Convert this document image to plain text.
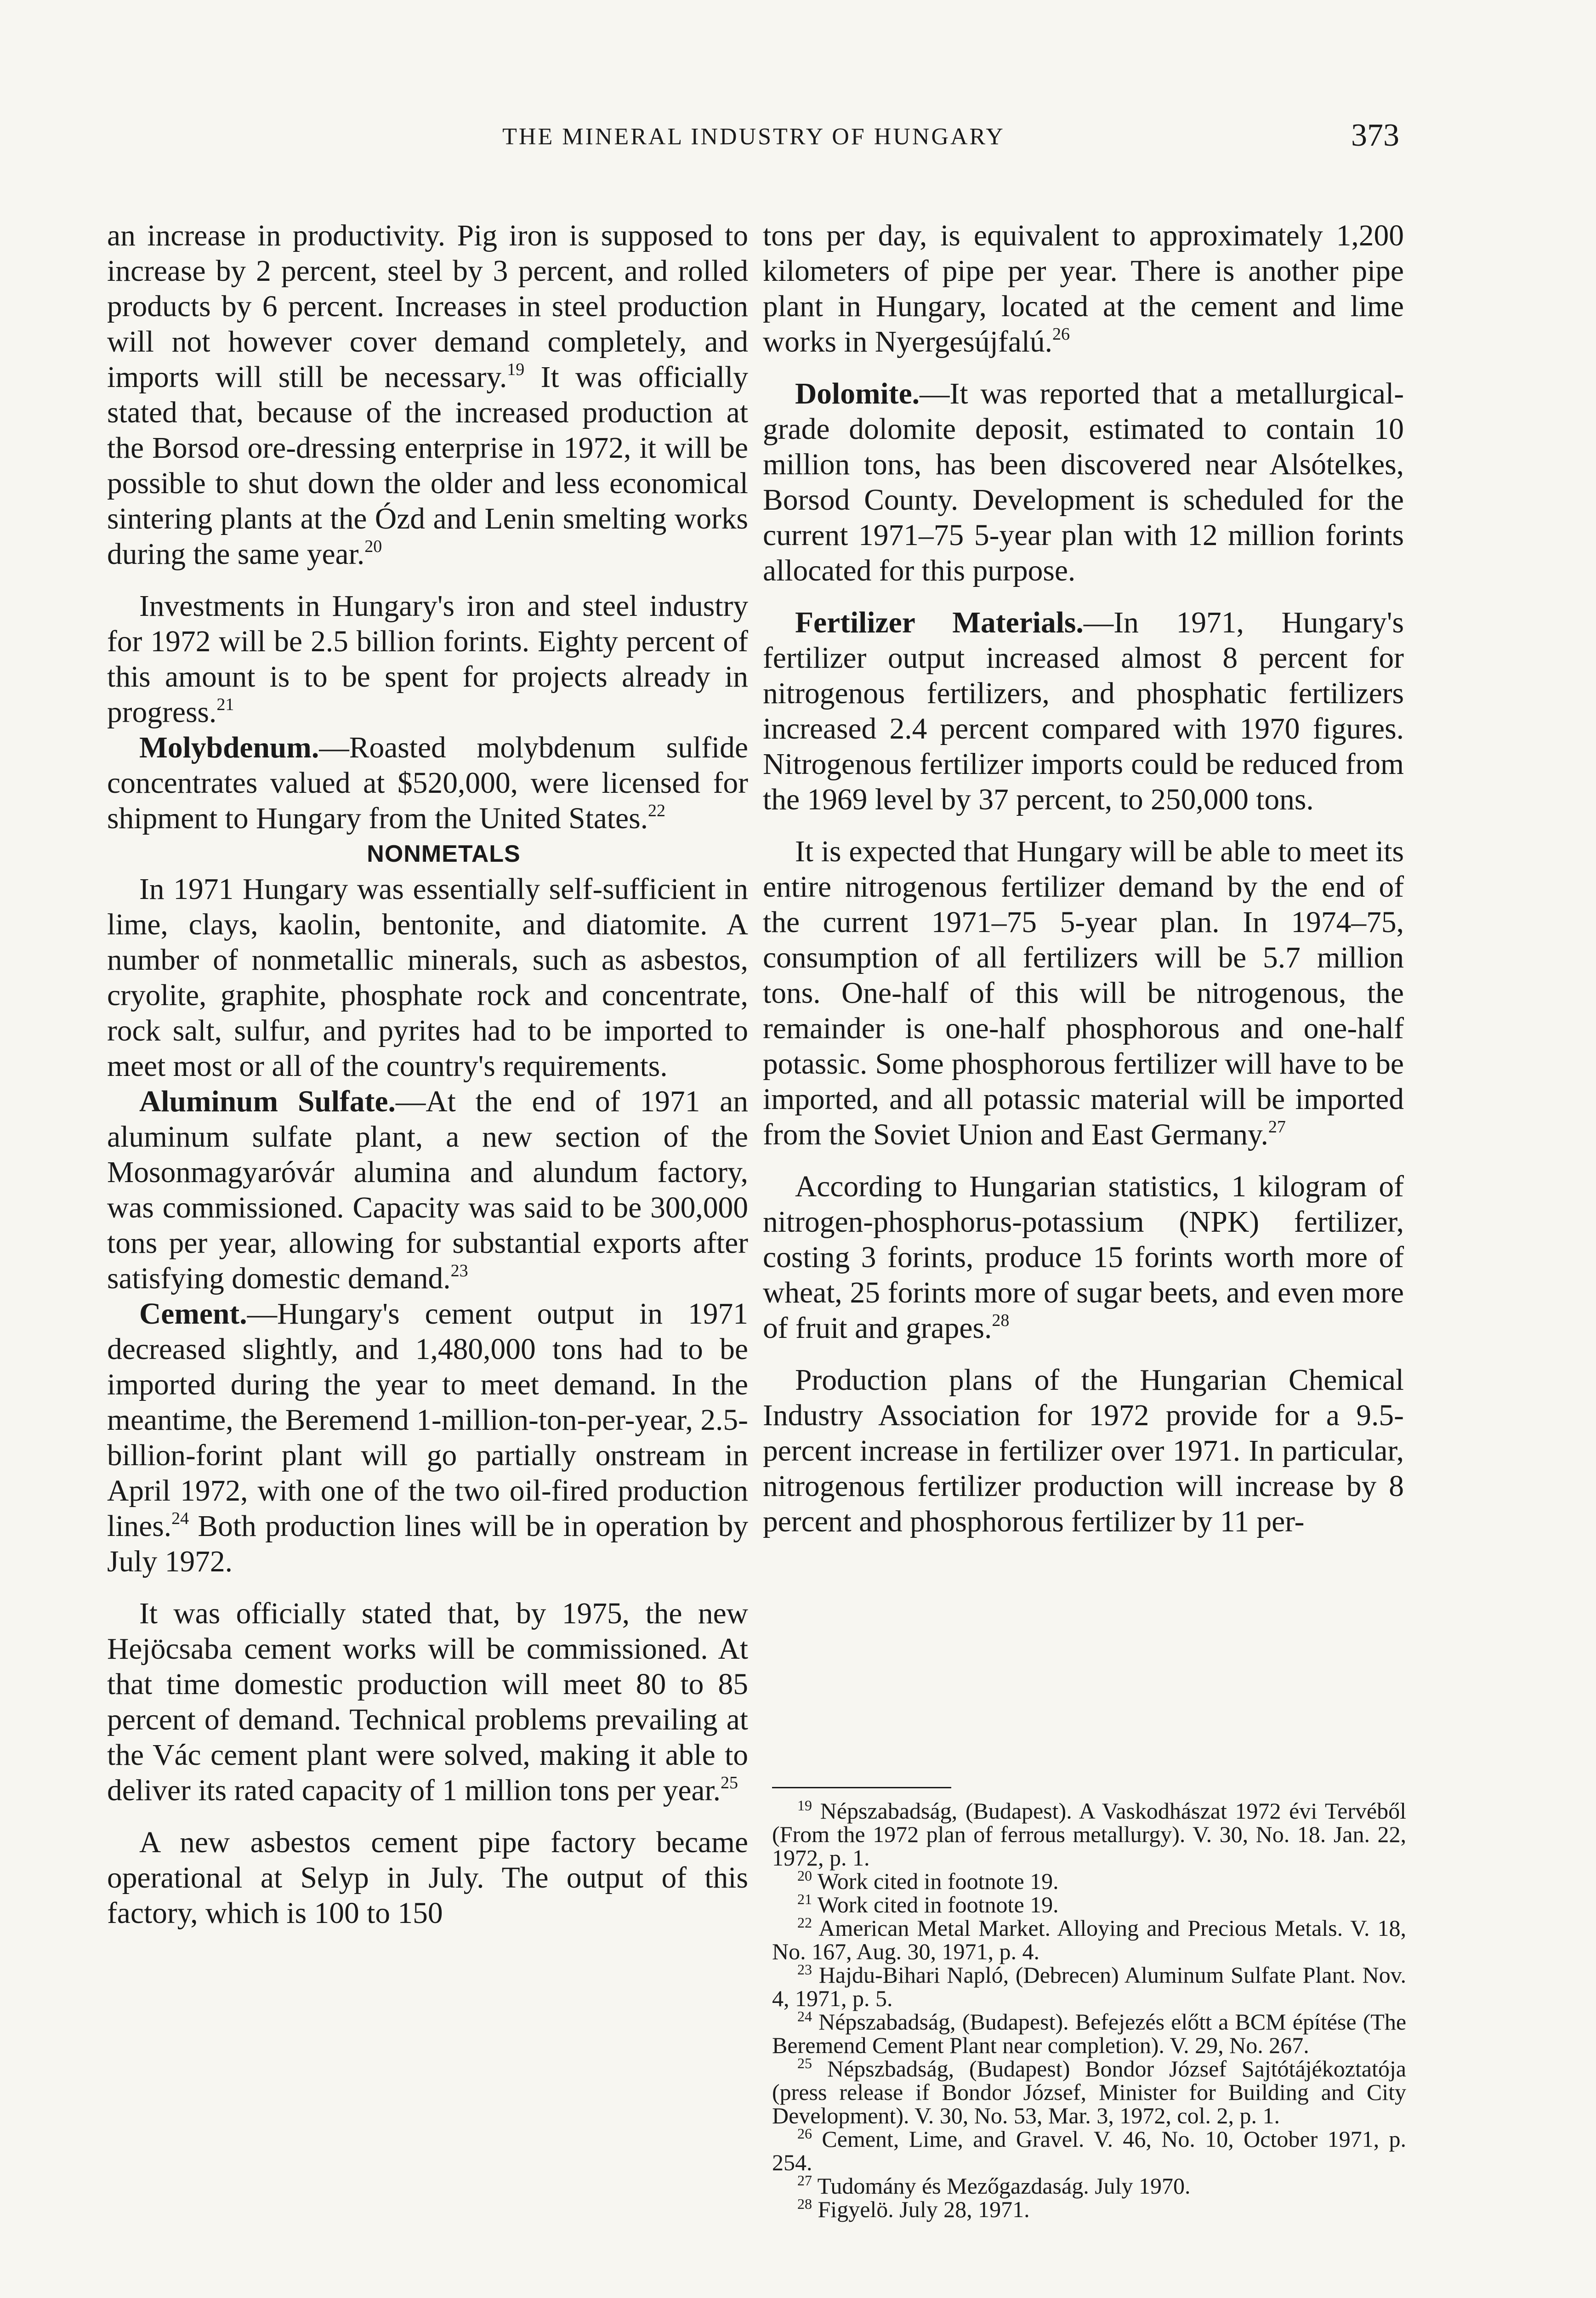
THE MINERAL INDUSTRY OF HUNGARY	373

an increase in productivity. Pig iron is supposed to increase by 2 percent, steel by 3 percent, and rolled products by 6 percent. Increases in steel production will not however cover demand completely, and imports will still be necessary.$^{19}$ It was officially stated that, because of the increased production at the Borsod ore-dressing enterprise in 1972, it will be possible to shut down the older and less economical sintering plants at the Ózd and Lenin smelting works during the same year.$^{20}$

Investments in Hungary's iron and steel industry for 1972 will be 2.5 billion forints. Eighty percent of this amount is to be spent for projects already in progress.$^{21}$

Molybdenum.—Roasted molybdenum sulfide concentrates valued at $520,000, were licensed for shipment to Hungary from the United States.$^{22}$

NONMETALS

In 1971 Hungary was essentially self-sufficient in lime, clays, kaolin, bentonite, and diatomite. A number of nonmetallic minerals, such as asbestos, cryolite, graphite, phosphate rock and concentrate, rock salt, sulfur, and pyrites had to be imported to meet most or all of the country's requirements.

Aluminum Sulfate.—At the end of 1971 an aluminum sulfate plant, a new section of the Mosonmagyaróvár alumina and alundum factory, was commissioned. Capacity was said to be 300,000 tons per year, allowing for substantial exports after satisfying domestic demand.$^{23}$

Cement.—Hungary's cement output in 1971 decreased slightly, and 1,480,000 tons had to be imported during the year to meet demand. In the meantime, the Beremend 1-million-ton-per-year, 2.5-billion-forint plant will go partially onstream in April 1972, with one of the two oil-fired production lines.$^{24}$ Both production lines will be in operation by July 1972.

It was officially stated that, by 1975, the new Hejöcsaba cement works will be commissioned. At that time domestic production will meet 80 to 85 percent of demand. Technical problems prevailing at the Vác cement plant were solved, making it able to deliver its rated capacity of 1 million tons per year.$^{25}$

A new asbestos cement pipe factory became operational at Selyp in July. The output of this factory, which is 100 to 150

tons per day, is equivalent to approximately 1,200 kilometers of pipe per year. There is another pipe plant in Hungary, located at the cement and lime works in Nyergesújfalú.$^{26}$

Dolomite.—It was reported that a metallurgical-grade dolomite deposit, estimated to contain 10 million tons, has been discovered near Alsótelkes, Borsod County. Development is scheduled for the current 1971–75 5-year plan with 12 million forints allocated for this purpose.

Fertilizer Materials.—In 1971, Hungary's fertilizer output increased almost 8 percent for nitrogenous fertilizers, and phosphatic fertilizers increased 2.4 percent compared with 1970 figures. Nitrogenous fertilizer imports could be reduced from the 1969 level by 37 percent, to 250,000 tons.

It is expected that Hungary will be able to meet its entire nitrogenous fertilizer demand by the end of the current 1971–75 5-year plan. In 1974–75, consumption of all fertilizers will be 5.7 million tons. One-half of this will be nitrogenous, the remainder is one-half phosphorous and one-half potassic. Some phosphorous fertilizer will have to be imported, and all potassic material will be imported from the Soviet Union and East Germany.$^{27}$

According to Hungarian statistics, 1 kilogram of nitrogen-phosphorus-potassium (NPK) fertilizer, costing 3 forints, produce 15 forints worth more of wheat, 25 forints more of sugar beets, and even more of fruit and grapes.$^{28}$

Production plans of the Hungarian Chemical Industry Association for 1972 provide for a 9.5-percent increase in fertilizer over 1971. In particular, nitrogenous fertilizer production will increase by 8 percent and phosphorous fertilizer by 11 per-

$^{19}$ Népszabadság, (Budapest). A Vaskodhászat 1972 évi Tervéből (From the 1972 plan of ferrous metallurgy). V. 30, No. 18. Jan. 22, 1972, p. 1.

$^{20}$ Work cited in footnote 19.

$^{21}$ Work cited in footnote 19.

$^{22}$ American Metal Market. Alloying and Precious Metals. V. 18, No. 167, Aug. 30, 1971, p. 4.

$^{23}$ Hajdu-Bihari Napló, (Debrecen) Aluminum Sulfate Plant. Nov. 4, 1971, p. 5.

$^{24}$ Népszabadság, (Budapest). Befejezés előtt a BCM építése (The Beremend Cement Plant near completion). V. 29, No. 267.

$^{25}$ Népszbadság, (Budapest) Bondor József Sajtótájékoztatója (press release if Bondor József, Minister for Building and City Development). V. 30, No. 53, Mar. 3, 1972, col. 2, p. 1.

$^{26}$ Cement, Lime, and Gravel. V. 46, No. 10, October 1971, p. 254.

$^{27}$ Tudomány és Mezőgazdaság. July 1970.

$^{28}$ Figyelö. July 28, 1971.
